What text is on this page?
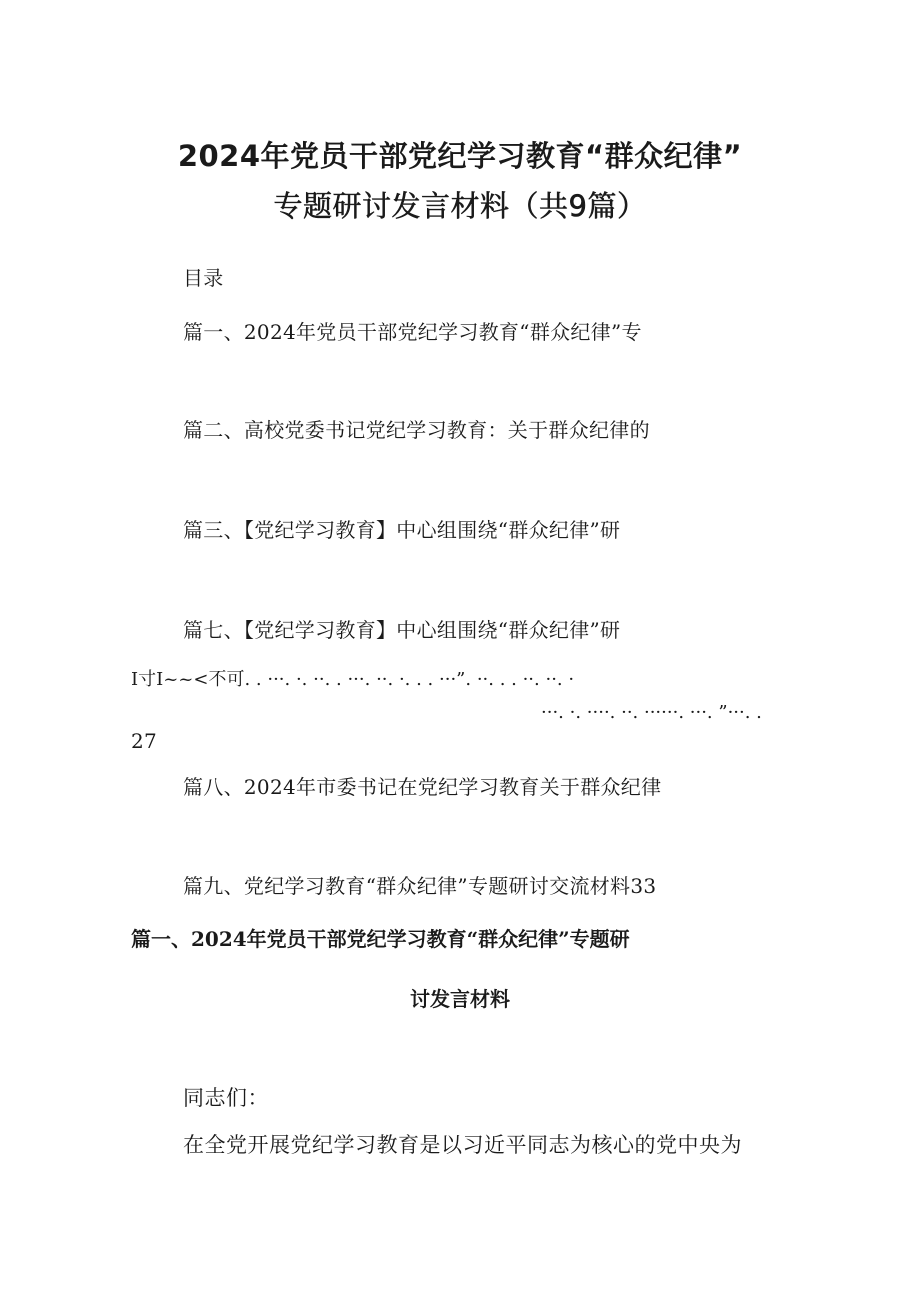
2024年党员干部党纪学习教育“群众纪律”
专题研讨发言材料（共9篇）
目录
篇一、2024年党员干部党纪学习教育“群众纪律”专
篇二、高校党委书记党纪学习教育：关于群众纪律的
篇三、【党纪学习教育】中心组围绕“群众纪律”研
篇七、【党纪学习教育】中心组围绕“群众纪律”研
I寸I~~<不可. . ···. ·. ··. . ···. ··. ·. . . ···”. ··. . . ··. ··. ·
···. ·. ····. ··. ······. ···. ”···. .
27
篇八、2024年市委书记在党纪学习教育关于群众纪律
篇九、党纪学习教育“群众纪律”专题研讨交流材料33
篇一、2024年党员干部党纪学习教育“群众纪律”专题研
讨发言材料
同志们：
在全党开展党纪学习教育是以习近平同志为核心的党中央为
